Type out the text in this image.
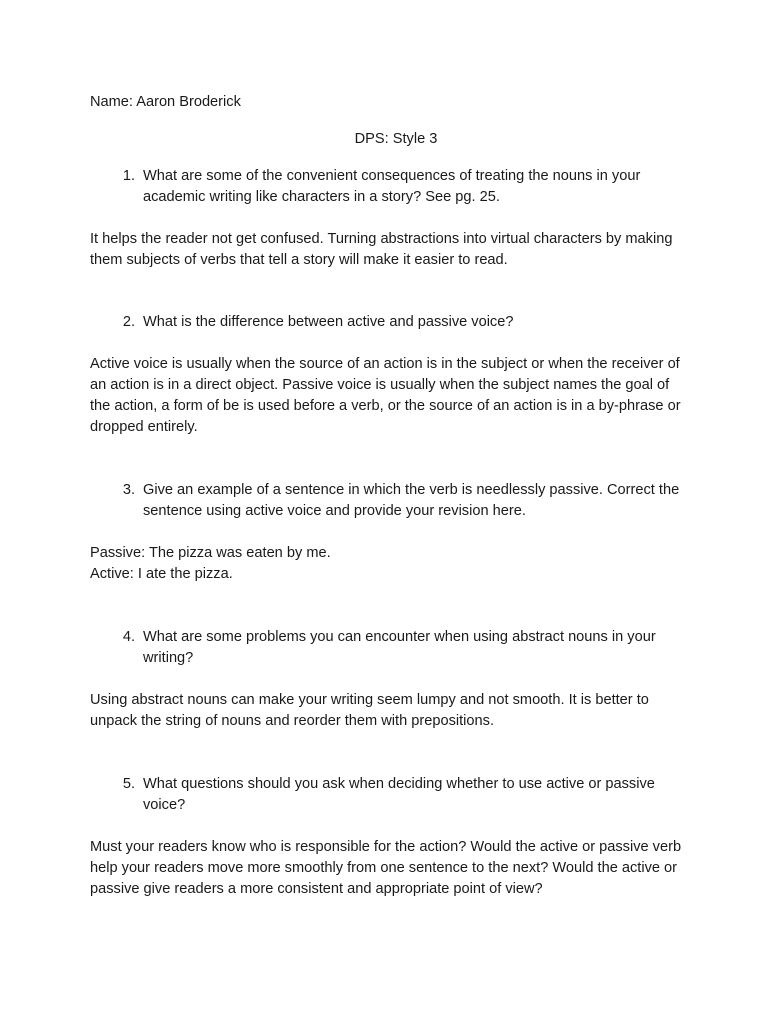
Name: Aaron Broderick

DPS: Style 3

1. What are some of the convenient consequences of treating the nouns in your academic writing like characters in a story? See pg. 25.

It helps the reader not get confused. Turning abstractions into virtual characters by making them subjects of verbs that tell a story will make it easier to read.

2. What is the difference between active and passive voice?

Active voice is usually when the source of an action is in the subject or when the receiver of an action is in a direct object. Passive voice is usually when the subject names the goal of the action, a form of be is used before a verb, or the source of an action is in a by-phrase or dropped entirely.

3. Give an example of a sentence in which the verb is needlessly passive. Correct the sentence using active voice and provide your revision here.

Passive: The pizza was eaten by me.

Active: I ate the pizza.

4. What are some problems you can encounter when using abstract nouns in your writing?

Using abstract nouns can make your writing seem lumpy and not smooth. It is better to unpack the string of nouns and reorder them with prepositions.

5. What questions should you ask when deciding whether to use active or passive voice?

Must your readers know who is responsible for the action? Would the active or passive verb help your readers move more smoothly from one sentence to the next? Would the active or passive give readers a more consistent and appropriate point of view?
